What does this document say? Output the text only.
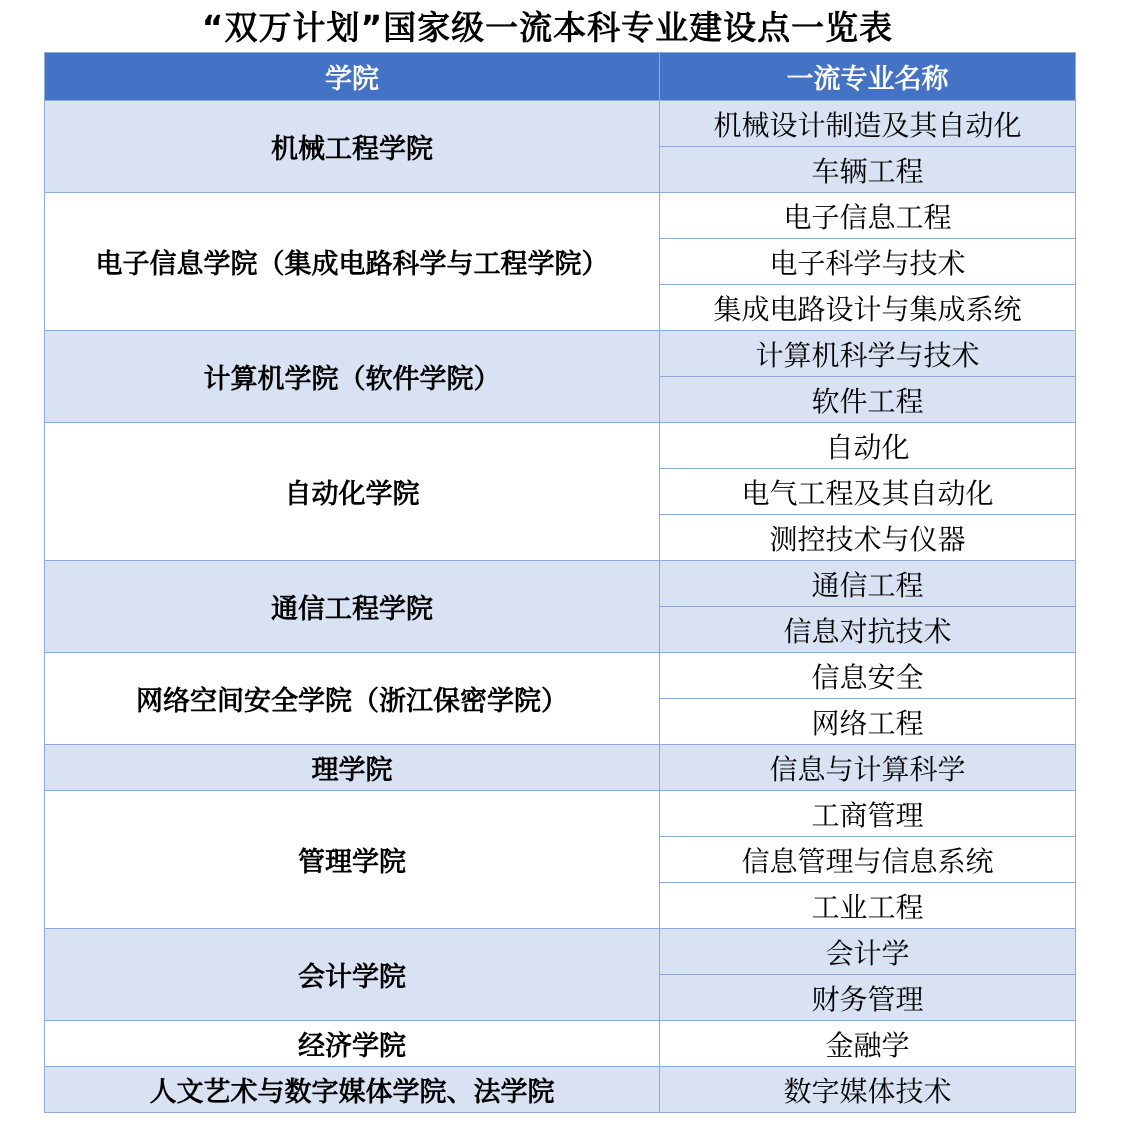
“双万计划”国家级一流本科专业建设点一览表
学院	一流专业名称
机械工程学院	机械设计制造及其自动化
	车辆工程
电子信息学院（集成电路科学与工程学院）	电子信息工程
	电子科学与技术
	集成电路设计与集成系统
计算机学院（软件学院）	计算机科学与技术
	软件工程
自动化学院	自动化
	电气工程及其自动化
	测控技术与仪器
通信工程学院	通信工程
	信息对抗技术
网络空间安全学院（浙江保密学院）	信息安全
	网络工程
理学院	信息与计算科学
管理学院	工商管理
	信息管理与信息系统
	工业工程
会计学院	会计学
	财务管理
经济学院	金融学
人文艺术与数字媒体学院、法学院	数字媒体技术
